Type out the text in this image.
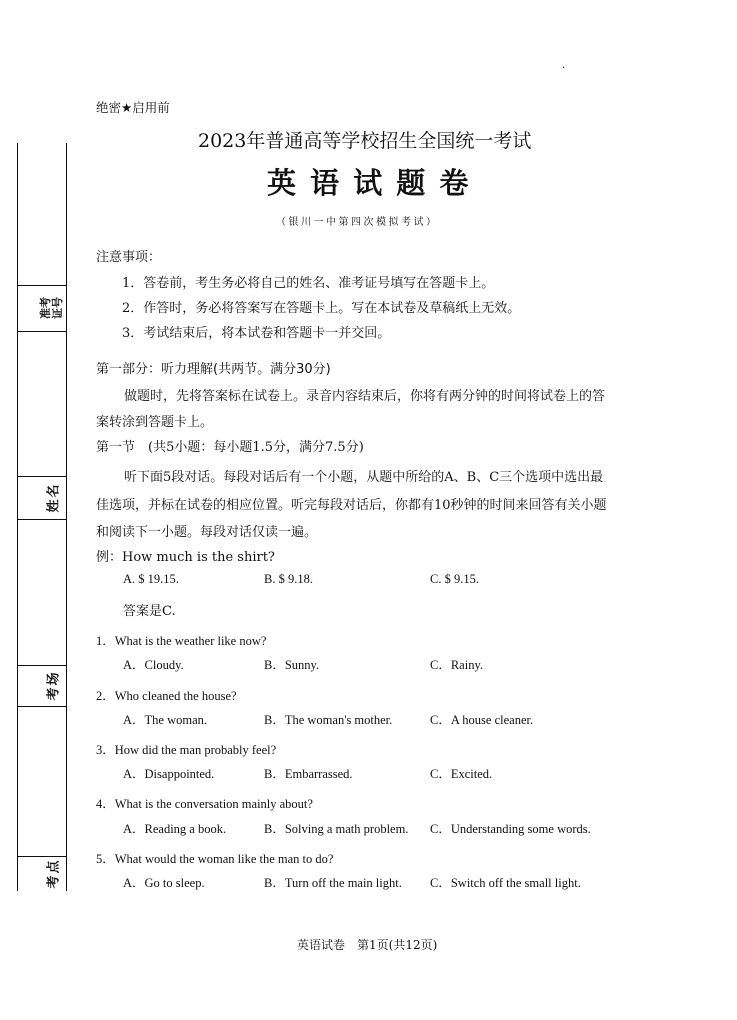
.
准考 证号
姓名
考场
考点
绝密★启用前
2023年普通高等学校招生全国统一考试
英 语 试 题 卷
（银川一中第四次模拟考试）
注意事项：
1．答卷前，考生务必将自己的姓名、准考证号填写在答题卡上。
2．作答时，务必将答案写在答题卡上。写在本试卷及草稿纸上无效。
3．考试结束后，将本试卷和答题卡一并交回。
第一部分：听力理解(共两节。满分30分)
做题时，先将答案标在试卷上。录音内容结束后，你将有两分钟的时间将试卷上的答
案转涂到答题卡上。
第一节　(共5小题：每小题1.5分，满分7.5分)
听下面5段对话。每段对话后有一个小题，从题中所给的A、B、C三个选项中选出最
佳选项，并标在试卷的相应位置。听完每段对话后，你都有10秒钟的时间来回答有关小题
和阅读下一小题。每段对话仅读一遍。
例：How much is the shirt?
A. $ 19.15.	B. $ 9.18.	C. $ 9.15.
答案是C.
1．What is the weather like now?
A．Cloudy.	B．Sunny.	C．Rainy.
2．Who cleaned the house?
A．The woman.	B．The woman's mother.	C．A house cleaner.
3．How did the man probably feel?
A．Disappointed.	B．Embarrassed.	C．Excited.
4．What is the conversation mainly about?
A．Reading a book.	B．Solving a math problem. C．Understanding some words.
5．What would the woman like the man to do?
A．Go to sleep.	B．Turn off the main light. C．Switch off the small light.
英语试卷　第1页(共12页)
